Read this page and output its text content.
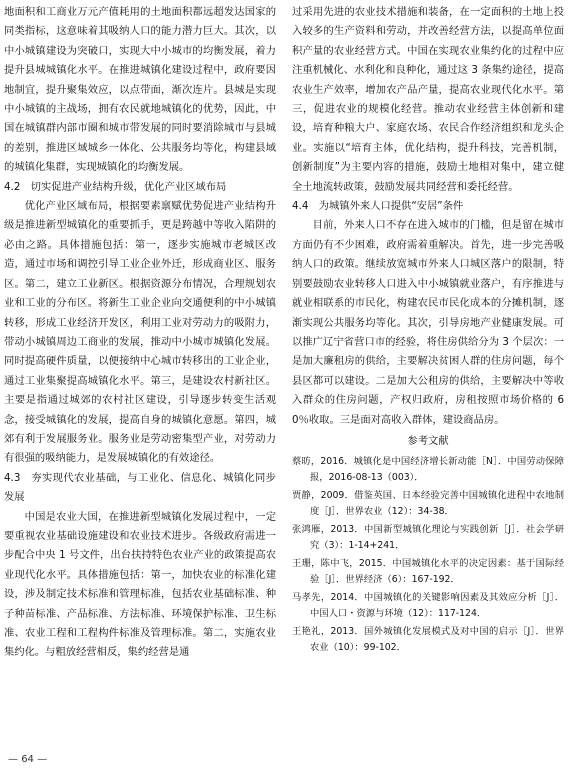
地面积和工商业万元产值耗用的土地面积都远超发达国家的同类指标，这意味着其吸纳人口的能力潜力巨大。其次，以中小城镇建设为突破口，实现大中小城市的均衡发展，着力提升县城城镇化水平。在推进城镇化建设过程中，政府要因地制宜，提升聚集效应，以点带面，渐次连片。县城是实现中小城镇的主战场，拥有农民就地城镇化的优势，因此，中国在城镇群内部市圈和城市带发展的同时要消除城市与县城的差别，推进区域城乡一体化、公共服务均等化，构建县域的城镇化集群，实现城镇化的均衡发展。

4.2　切实促进产业结构升级，优化产业区域布局

优化产业区域布局，根据要素禀赋优势促进产业结构升级是推进新型城镇化的重要抓手，更是跨越中等收入陷阱的必由之路。具体措施包括：第一，逐步实施城市老城区改造，通过市场和调控引导工业企业外迁，形成商业区、服务区。第二，建立工业新区。根据资源分布情况，合理规划农业和工业的分布区。将新生工业企业向交通便利的中小城镇转移，形成工业经济开发区，利用工业对劳动力的吸附力，带动小城镇周边工商业的发展，推动中小城市城镇化发展。同时提高硬件质量，以便接纳中心城市转移出的工业企业，通过工业集聚提高城镇化水平。第三，是建设农村新社区。主要是指通过城郊的农村社区建设，引导逐步转变生活观念，接受城镇化的发展，提高自身的城镇化意愿。第四，城郊有利于发展服务业。服务业是劳动密集型产业，对劳动力有很强的吸纳能力，是发展城镇化的有效途径。

4.3　夯实现代农业基础，与工业化、信息化、城镇化同步发展

中国是农业大国，在推进新型城镇化发展过程中，一定要重视农业基础设施建设和农业技术进步。各级政府需进一步配合中央 1 号文件，出台扶持特色农业产业的政策提高农业现代化水平。具体措施包括：第一，加快农业的标准化建设，涉及制定技术标准和管理标准，包括农业基础标准、种子种苗标准、产品标准、方法标准、环境保护标准、卫生标准、农业工程和工程构件标准及管理标准。第二，实施农业集约化。与粗放经营相反，集约经营是通

过采用先进的农业技术措施和装备，在一定面积的土地上投入较多的生产资料和劳动，并改善经营方法，以提高单位面积产量的农业经营方式。中国在实现农业集约化的过程中应注重机械化、水利化和良种化，通过这 3 条集约途径，提高农业生产效率，增加农产品产量，提高农业现代化水平。第三，促进农业的规模化经营。推动农业经营主体创新和建设，培育种粮大户、家庭农场、农民合作经济组织和龙头企业。实施以“培育主体，优化结构，提升科技，完善机制，创新制度”为主要内容的措施，鼓励土地相对集中，建立健全土地流转政策，鼓励发展共同经营和委托经营。

4.4　为城镇外来人口提供“安居”条件

目前，外来人口不存在进入城市的门槛，但是留在城市方面仍有不少困难，政府需着重解决。首先，进一步完善吸纳人口的政策。继续放宽城市外来人口城区落户的限制，特别要鼓励农业转移人口进入中小城镇就业落户，有序推进与就业相联系的市民化，构建农民市民化成本的分摊机制，逐渐实现公共服务均等化。其次，引导房地产业健康发展。可以推广辽宁省营口市的经验，将住房供给分为 3 个层次：一是加大廉租房的供给，主要解决贫困人群的住房问题，每个县区都可以建设。二是加大公租房的供给，主要解决中等收入群众的住房问题，产权归政府，房租按照市场价格的 60％收取。三是面对高收入群体，建设商品房。

参考文献

蔡昉，2016．城镇化是中国经济增长新动能［N］．中国劳动保障报，2016-08-13（003）．

贾静，2009．借鉴英国、日本经验完善中国城镇化进程中农地制度［J］．世界农业（12）：34-38．

张鸿雁，2013．中国新型城镇化理论与实践创新［J］．社会学研究（3）：1-14+241．

王珊，陈中飞，2015．中国城镇化水平的决定因素：基于国际经验［J］．世界经济（6）：167-192．

马孝先，2014．中国城镇化的关键影响因素及其效应分析［J］．中国人口・资源与环境（12）：117-124．

王艳礼，2013．国外城镇化发展模式及对中国的启示［J］．世界农业（10）：99-102．

— 64 —
